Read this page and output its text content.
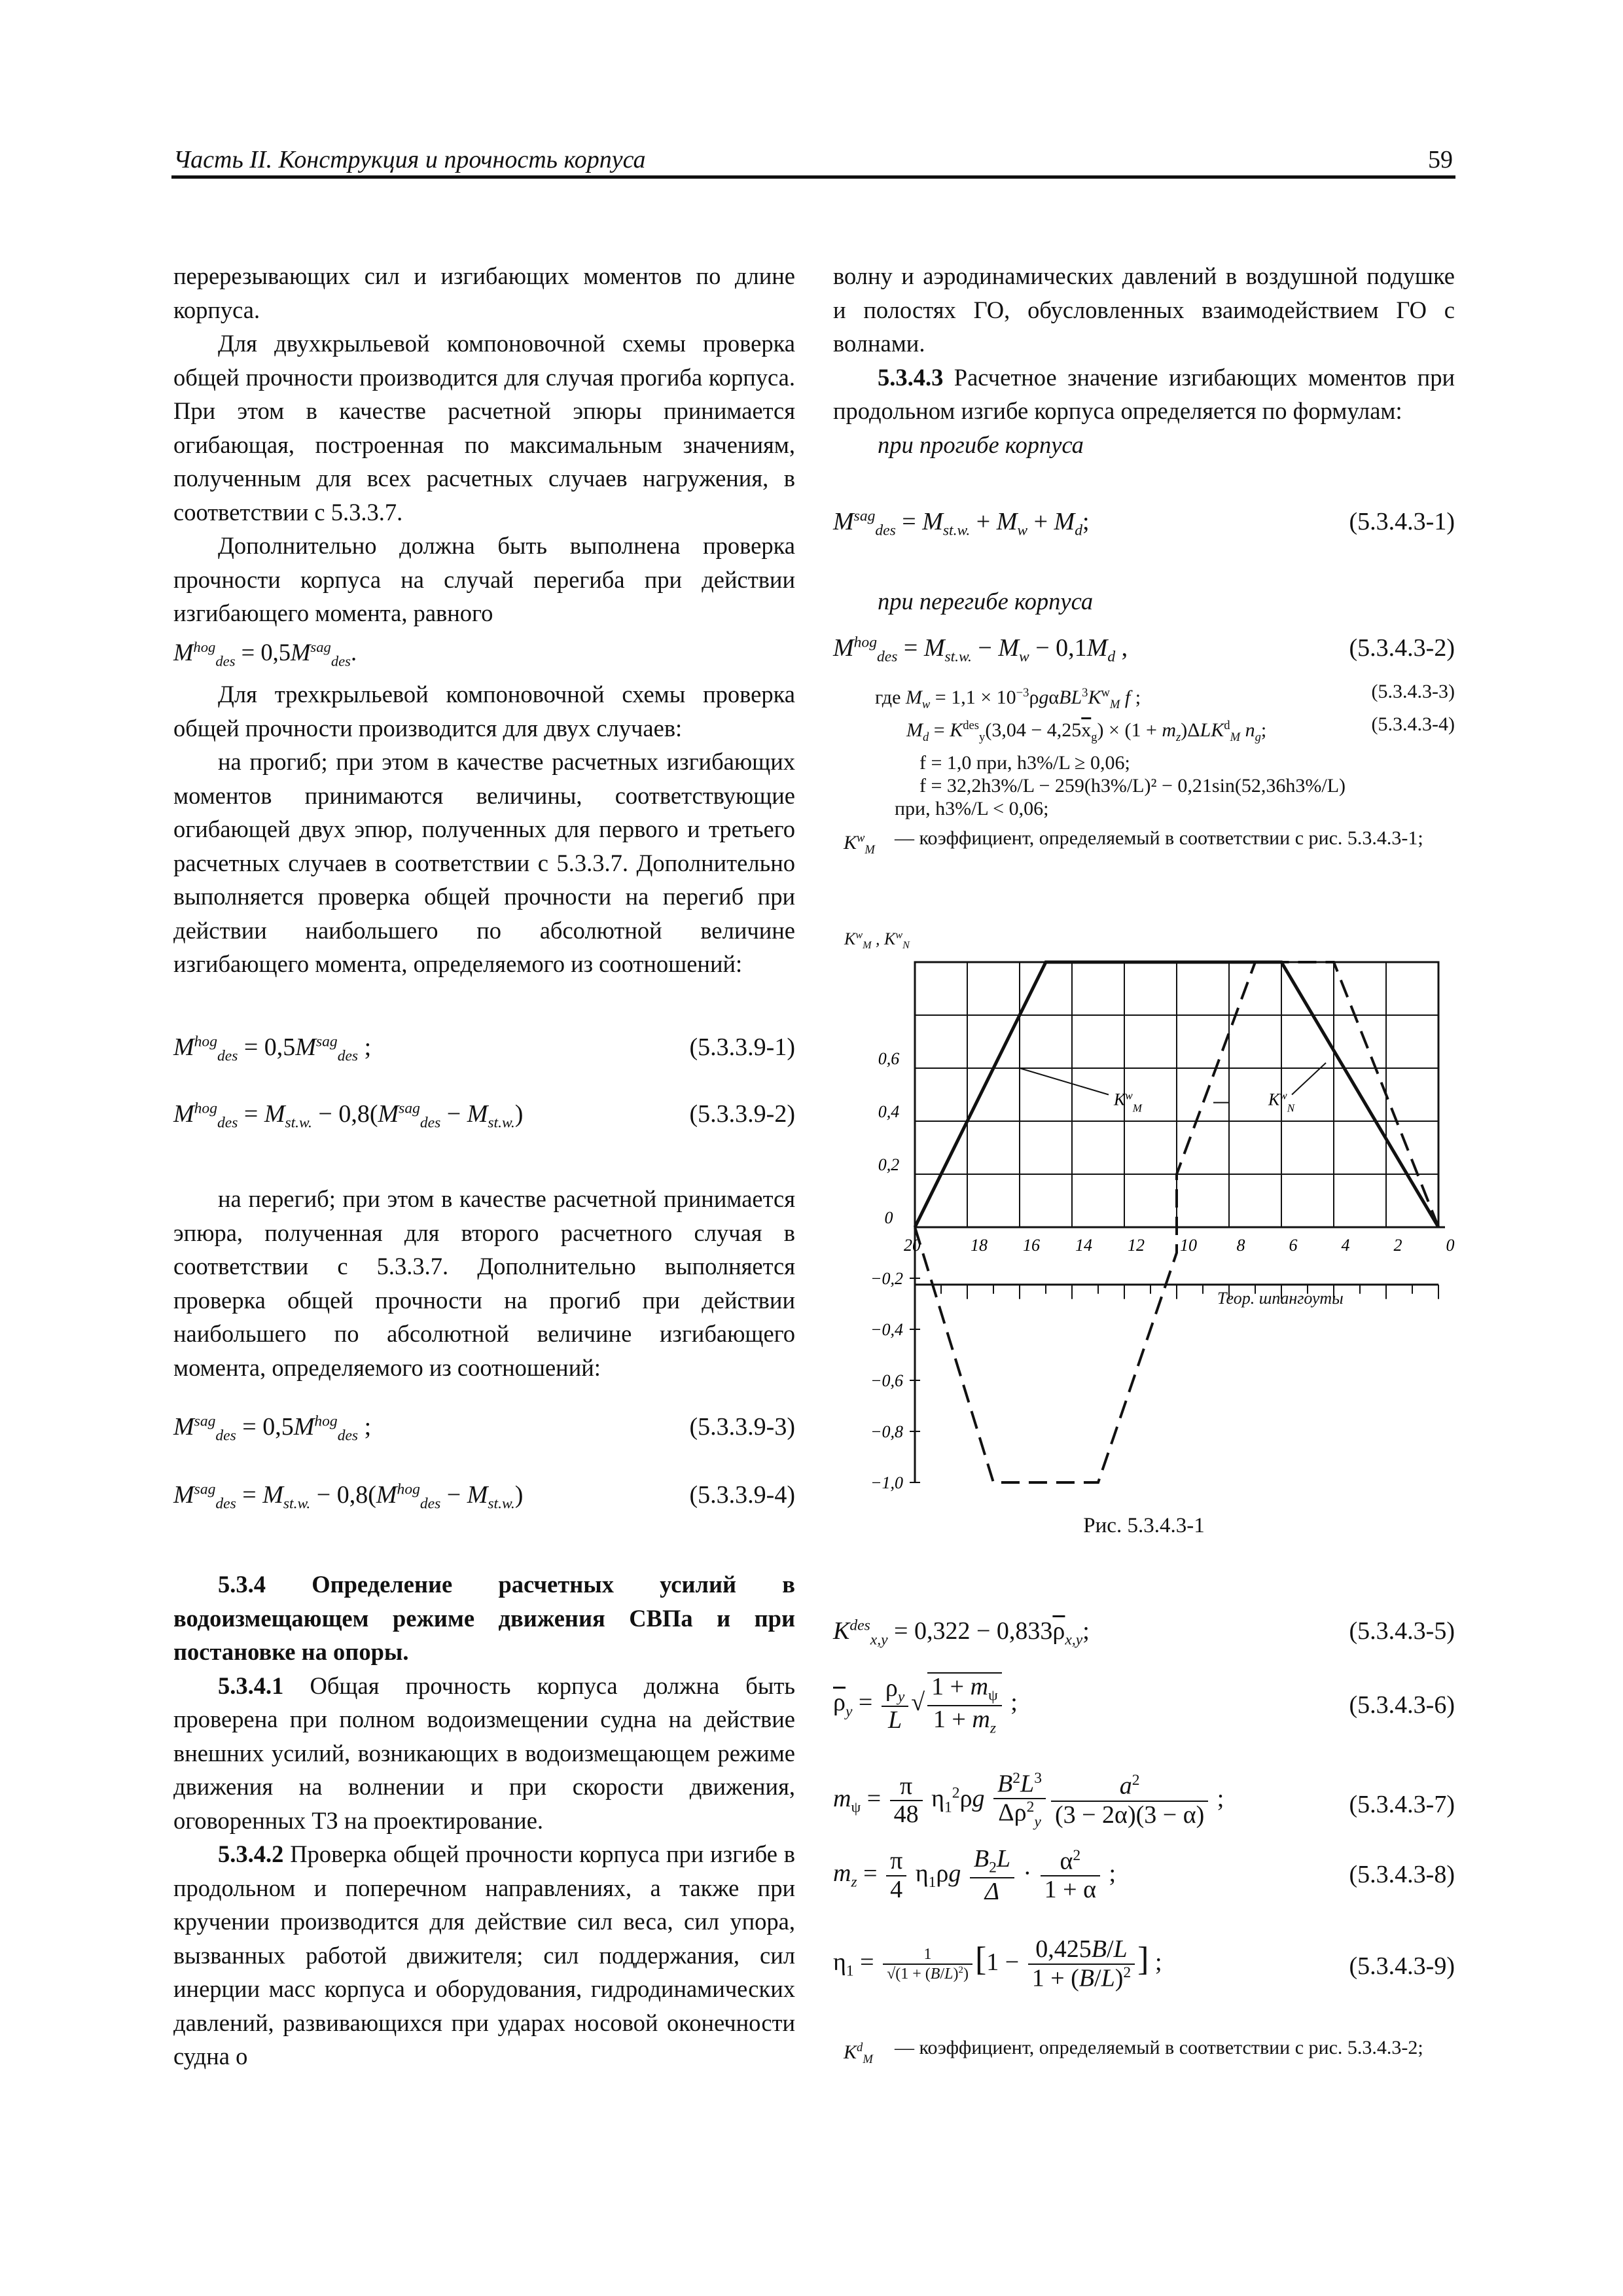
Часть II. Конструкция и прочность корпуса	59

перерезывающих сил и изгибающих моментов по длине корпуса.

Для двухкрыльевой компоновочной схемы проверка общей прочности производится для случая прогиба корпуса. При этом в качестве расчетной эпюры принимается огибающая, построенная по максимальным значениям, полученным для всех расчетных случаев нагружения, в соответствии с 5.3.3.7.

Дополнительно должна быть выполнена проверка прочности корпуса на случай перегиба при действии изгибающего момента, равного
$M^{hog}_{des} = 0,5M^{sag}_{des}$.

Для трехкрыльевой компоновочной схемы проверка общей прочности производится для двух случаев:

на прогиб; при этом в качестве расчетных изгибающих моментов принимаются величины, соответствующие огибающей двух эпюр, полученных для первого и третьего расчетных случаев в соответствии с 5.3.3.7. Дополнительно выполняется проверка общей прочности на перегиб при действии наибольшего по абсолютной величине изгибающего момента, определяемого из соотношений:

$M^{hog}_{des} = 0,5M^{sag}_{des}$ ;	(5.3.3.9-1)
$M^{hog}_{des} = M_{st.w.} - 0,8(M^{sag}_{des} - M_{st.w.})$	(5.3.3.9-2)

на перегиб; при этом в качестве расчетной принимается эпюра, полученная для второго расчетного случая в соответствии с 5.3.3.7. Дополнительно выполняется проверка общей прочности на прогиб при действии наибольшего по абсолютной величине изгибающего момента, определяемого из соотношений:

$M^{sag}_{des} = 0,5M^{hog}_{des}$ ;	(5.3.3.9-3)
$M^{sag}_{des} = M_{st.w.} - 0,8(M^{hog}_{des} - M_{st.w.})$	(5.3.3.9-4)

5.3.4 Определение расчетных усилий в водоизмещающем режиме движения СВПа и при постановке на опоры.

5.3.4.1 Общая прочность корпуса должна быть проверена при полном водоизмещении судна на действие внешних усилий, возникающих в водоизмещающем режиме движения на волнении и при скорости движения, оговоренных ТЗ на проектирование.

5.3.4.2 Проверка общей прочности корпуса при изгибе в продольном и поперечном направлениях, а также при кручении производится для действие сил веса, сил упора, вызванных работой движителя; сил поддержания, сил инерции масс корпуса и оборудования, гидродинамических давлений, развивающихся при ударах носовой оконечности судна о

волну и аэродинамических давлений в воздушной подушке и полостях ГО, обусловленных взаимодействием ГО с волнами.

5.3.4.3 Расчетное значение изгибающих моментов при продольном изгибе корпуса определяется по формулам:

при прогибе корпуса

$M^{sag}_{des} = M_{st.w.} + M_w + M_d$;	(5.3.4.3-1)
при перегибе корпуса
$M^{hog}_{des} = M_{st.w.} - M_w - 0,1M_d$ ,	(5.3.4.3-2)
где $M_w = 1,1 \times 10^{-3}\rho g\alpha BL^3K^w_M$ f ;	(5.3.4.3-3)
$M_d = K^{des}_y(3,04 - 4,25\overline{x}_g) \times (1 + m_z)\Delta LK^d_M$ $n_g$;	(5.3.4.3-4)
f = 1,0 при, h3%/L ≥ 0,06;
f = 32,2h3%/L − 259(h3%/L)² − 0,21sin(52,36h3%/L)
при, h3%/L < 0,06;
$K^w_M$
— коэффициент, определяемый в соответствии с рис. 5.3.4.3-1;
0,6
0,4
0,2
0
−0,2
−0,4
−0,6
−0,8
−1,0
20	18 16 14 12 10 8	6	4	2	0
$K^w_M$	$K^w_N$
$K^w_M$ , $K^w_N$
Теор. шпангоуты
Рис. 5.3.4.3-1
$K^{des}_{x,y} = 0,322 - 0,833\overline{\rho}_{x,y}$;	(5.3.4.3-5)
$\overline{\rho}_y = \frac{\rho_y}{L}$ √ $\frac{1 + m_\psi}{1 + m_z}$ ;	(5.3.4.3-6)
$m_\psi = \frac{\pi}{48} \eta_1^2\rho g \frac{B^2L^3}{\Delta\rho^2_y} \frac{a^2}{(3 - 2\alpha)(3 - \alpha)}$ ;	(5.3.4.3-7)
$m_z = \frac{\pi}{4} \eta_1\rho g \frac{B_2L}{\Delta} \cdot \frac{\alpha^2}{1 + \alpha}$ ;	(5.3.4.3-8)
$\eta_1 = \frac{1}{√(1 + (B/L)^2)} [1 - \frac{0,425B/L}{1 + (B/L)^2}$ ] ;	(5.3.4.3-9)
$K^d_M$
— коэффициент, определяемый в соответствии с рис. 5.3.4.3-2;
